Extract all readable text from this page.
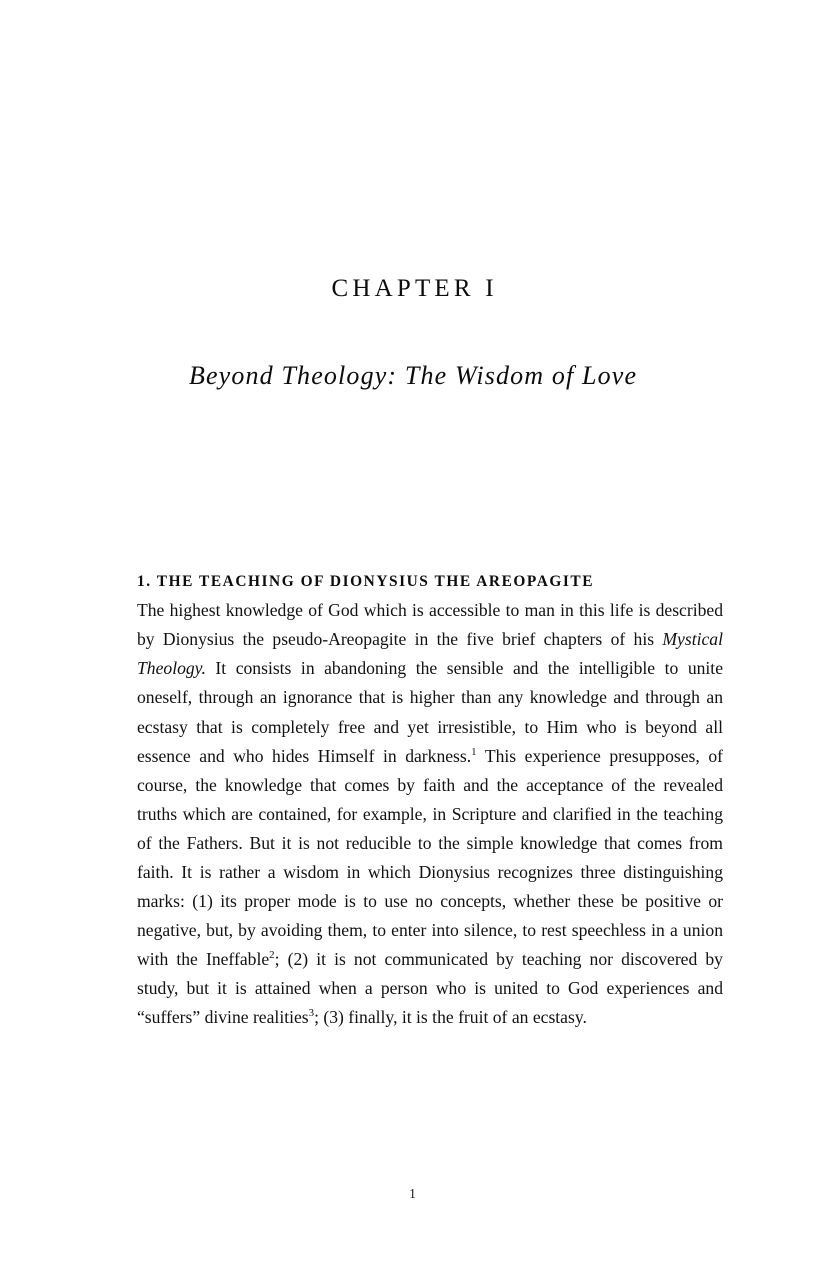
CHAPTER I
Beyond Theology: The Wisdom of Love
1. THE TEACHING OF DIONYSIUS THE AREOPAGITE

The highest knowledge of God which is accessible to man in this life is described by Dionysius the pseudo-Areopagite in the five brief chapters of his Mystical Theology. It consists in abandoning the sensible and the intelligible to unite oneself, through an ignorance that is higher than any knowledge and through an ecstasy that is completely free and yet irresistible, to Him who is beyond all essence and who hides Himself in darkness.$^1$ This experience presupposes, of course, the knowledge that comes by faith and the acceptance of the revealed truths which are contained, for example, in Scripture and clarified in the teaching of the Fathers. But it is not reducible to the simple knowledge that comes from faith. It is rather a wisdom in which Dionysius recognizes three distinguishing marks: (1) its proper mode is to use no concepts, whether these be positive or negative, but, by avoiding them, to enter into silence, to rest speechless in a union with the Ineffable$^2$; (2) it is not communicated by teaching nor discovered by study, but it is attained when a person who is united to God experiences and “suffers” divine realities$^3$; (3) finally, it is the fruit of an ecstasy.

1
